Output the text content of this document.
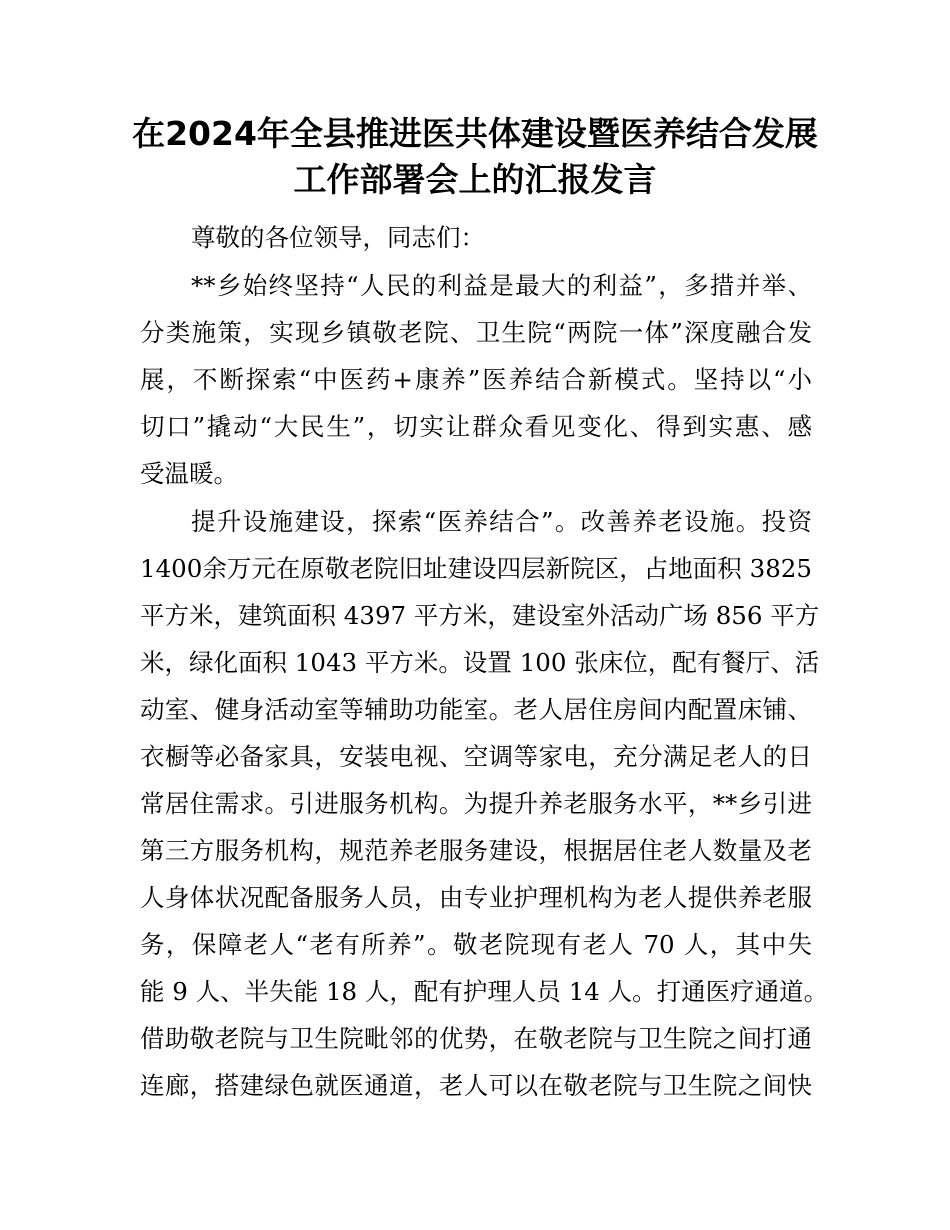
在2024年全县推进医共体建设暨医养结合发展
工作部署会上的汇报发言
尊敬的各位领导，同志们：
**乡始终坚持“人民的利益是最大的利益”，多措并举、
分类施策，实现乡镇敬老院、卫生院“两院一体”深度融合发
展，不断探索“中医药+康养”医养结合新模式。坚持以“小
切口”撬动“大民生”，切实让群众看见变化、得到实惠、感
受温暖。
提升设施建设，探索“医养结合”。改善养老设施。投资
1400余万元在原敬老院旧址建设四层新院区，占地面积 3825
平方米，建筑面积 4397 平方米，建设室外活动广场 856 平方
米，绿化面积 1043 平方米。设置 100 张床位，配有餐厅、活
动室、健身活动室等辅助功能室。老人居住房间内配置床铺、
衣橱等必备家具，安装电视、空调等家电，充分满足老人的日
常居住需求。引进服务机构。为提升养老服务水平，**乡引进
第三方服务机构，规范养老服务建设，根据居住老人数量及老
人身体状况配备服务人员，由专业护理机构为老人提供养老服
务，保障老人“老有所养”。敬老院现有老人 70 人，其中失
能 9 人、半失能 18 人，配有护理人员 14 人。打通医疗通道。
借助敬老院与卫生院毗邻的优势，在敬老院与卫生院之间打通
连廊，搭建绿色就医通道，老人可以在敬老院与卫生院之间快
